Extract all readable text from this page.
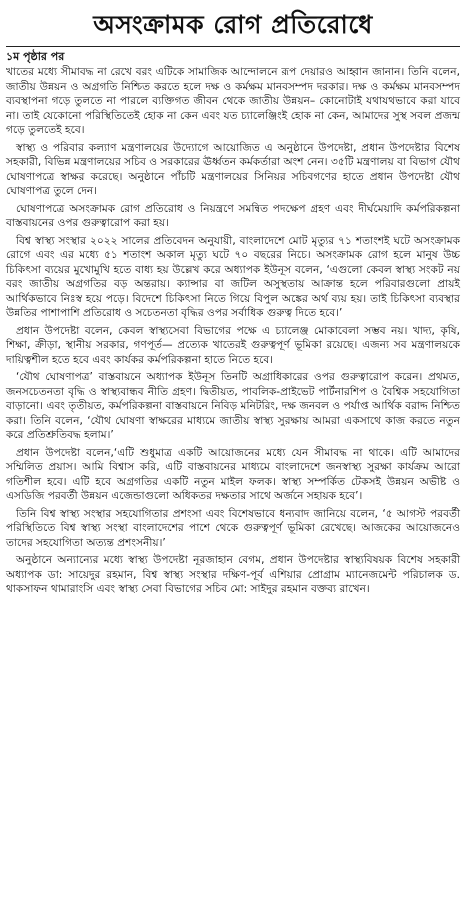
অসংক্রামক রোগ প্রতিরোধে
১ম পৃষ্ঠার পর

খাতের মধ্যে সীমাবদ্ধ না রেখে বরং এটিকে সামাজিক আন্দোলনে রূপ দেয়ারও আহ্বান জানান। তিনি বলেন, জাতীয় উন্নয়ন ও অগ্রগতি নিশ্চিত করতে হলে দক্ষ ও কর্মক্ষম মানবসম্পদ দরকার। দক্ষ ও কর্মক্ষম মানবসম্পদ ব্যবস্থাপনা গড়ে তুলতে না পারলে ব্যক্তিগত জীবন থেকে জাতীয় উন্নয়ন– কোনোটাই যথাযথভাবে করা যাবে না। তাই যেকোনো পরিস্থিতিতেই হোক না কেন এবং যত চ্যালেঞ্জিংই হোক না কেন, আমাদের সুস্থ সবল প্রজন্ম গড়ে তুলতেই হবে।

স্বাস্থ্য ও পরিবার কল্যাণ মন্ত্রণালয়ের উদ্যোগে আয়োজিত এ অনুষ্ঠানে উপদেষ্টা, প্রধান উপদেষ্টার বিশেষ সহকারী, বিভিন্ন মন্ত্রণালয়ের সচিব ও সরকারের ঊর্ধ্বতন কর্মকর্তারা অংশ নেন। ৩৫টি মন্ত্রণালয় বা বিভাগ যৌথ ঘোষণাপত্রে স্বাক্ষর করেছে। অনুষ্ঠানে পাঁচটি মন্ত্রণালয়ের সিনিয়র সচিবগণের হাতে প্রধান উপদেষ্টা যৌথ ঘোষণাপত্র তুলে দেন।

ঘোষণাপত্রে অসংক্রামক রোগ প্রতিরোধ ও নিয়ন্ত্রণে সমন্বিত পদক্ষেপ গ্রহণ এবং দীর্ঘমেয়াদি কর্মপরিকল্পনা বাস্তবায়নের ওপর গুরুত্বারোপ করা হয়।

বিশ্ব স্বাস্থ্য সংস্থার ২০২২ সালের প্রতিবেদন অনুযায়ী, বাংলাদেশে মোট মৃত্যুর ৭১ শতাংশই ঘটে অসংক্রামক রোগে এবং এর মধ্যে ৫১ শতাংশ অকাল মৃত্যু ঘটে ৭০ বছরের নিচে। অসংক্রামক রোগ হলে মানুষ উচ্চ চিকিৎসা ব্যয়ের মুখোমুখি হতে বাধ্য হয় উল্লেখ করে অধ্যাপক ইউনূস বলেন, ‘এগুলো কেবল স্বাস্থ্য সংকট নয় বরং জাতীয় অগ্রগতির বড় অন্তরায়। ক্যান্সার বা জটিল অসুস্থতায় আক্রান্ত হলে পরিবারগুলো প্রায়ই আর্থিকভাবে নিঃস্ব হয়ে পড়ে। বিদেশে চিকিৎসা নিতে গিয়ে বিপুল অঙ্কের অর্থ ব্যয় হয়। তাই চিকিৎসা ব্যবস্থার উন্নতির পাশাপাশি প্রতিরোধ ও সচেতনতা বৃদ্ধির ওপর সর্বাধিক গুরুত্ব দিতে হবে।’

প্রধান উপদেষ্টা বলেন, কেবল স্বাস্থ্যসেবা বিভাগের পক্ষে এ চ্যালেঞ্জ মোকাবেলা সম্ভব নয়। খাদ্য, কৃষি, শিক্ষা, ক্রীড়া, স্থানীয় সরকার, গণপূর্ত— প্রত্যেক খাতেরই গুরুত্বপূর্ণ ভূমিকা রয়েছে। এজন্য সব মন্ত্রণালয়কে দায়িত্বশীল হতে হবে এবং কার্যকর কর্মপরিকল্পনা হাতে নিতে হবে।

‘যৌথ ঘোষণাপত্র’ বাস্তবায়নে অধ্যাপক ইউনূস তিনটি অগ্রাধিকারের ওপর গুরুত্বারোপ করেন। প্রথমত, জনসচেতনতা বৃদ্ধি ও স্বাস্থ্যবান্ধব নীতি গ্রহণ। দ্বিতীয়ত, পাবলিক-প্রাইভেট পার্টনারশিপ ও বৈশ্বিক সহযোগিতা বাড়ানো। এবং তৃতীয়ত, কর্মপরিকল্পনা বাস্তবায়নে নিবিড় মনিটরিং, দক্ষ জনবল ও পর্যাপ্ত আর্থিক বরাদ্দ নিশ্চিত করা। তিনি বলেন, ‘যৌথ ঘোষণা স্বাক্ষরের মাধ্যমে জাতীয় স্বাস্থ্য সুরক্ষায় আমরা একসাথে কাজ করতে নতুন করে প্রতিশ্রুতিবদ্ধ হলাম।’

প্রধান উপদেষ্টা বলেন,‘এটি শুধুমাত্র একটি আয়োজনের মধ্যে যেন সীমাবদ্ধ না থাকে। এটি আমাদের সম্মিলিত প্রয়াস। আমি বিশ্বাস করি, এটি বাস্তবায়নের মাধ্যমে বাংলাদেশে জনস্বাস্থ্য সুরক্ষা কার্যক্রম আরো গতিশীল হবে। এটি হবে অগ্রগতির একটি নতুন মাইল ফলক। স্বাস্থ্য সম্পর্কিত টেকসই উন্নয়ন অভীষ্ট ও এসডিজি পরবর্তী উন্নয়ন এজেন্ডাগুলো অধিকতর দক্ষতার সাথে অর্জনে সহায়ক হবে’।

তিনি বিশ্ব স্বাস্থ্য সংস্থার সহযোগিতার প্রশংসা এবং বিশেষভাবে ধন্যবাদ জানিয়ে বলেন, ‘৫ আগস্ট পরবর্তী পরিস্থিতিতে বিশ্ব স্বাস্থ্য সংস্থা বাংলাদেশের পাশে থেকে গুরুত্বপূর্ণ ভূমিকা রেখেছে। আজকের আয়োজনেও তাদের সহযোগিতা অত্যন্ত প্রশংসনীয়।’

অনুষ্ঠানে অন্যান্যের মধ্যে স্বাস্থ্য উপদেষ্টা নূরজাহান বেগম, প্রধান উপদেষ্টার স্বাস্থ্যবিষয়ক বিশেষ সহকারী অধ্যাপক ডা: সায়েদুর রহমান, বিশ্ব স্বাস্থ্য সংস্থার দক্ষিণ-পূর্ব এশিয়ার প্রোগ্রাম ম্যানেজমেন্ট পরিচালক ড. থাকসাফন থামারাংসি এবং স্বাস্থ্য সেবা বিভাগের সচিব মো: সাইদুর রহমান বক্তব্য রাখেন।
